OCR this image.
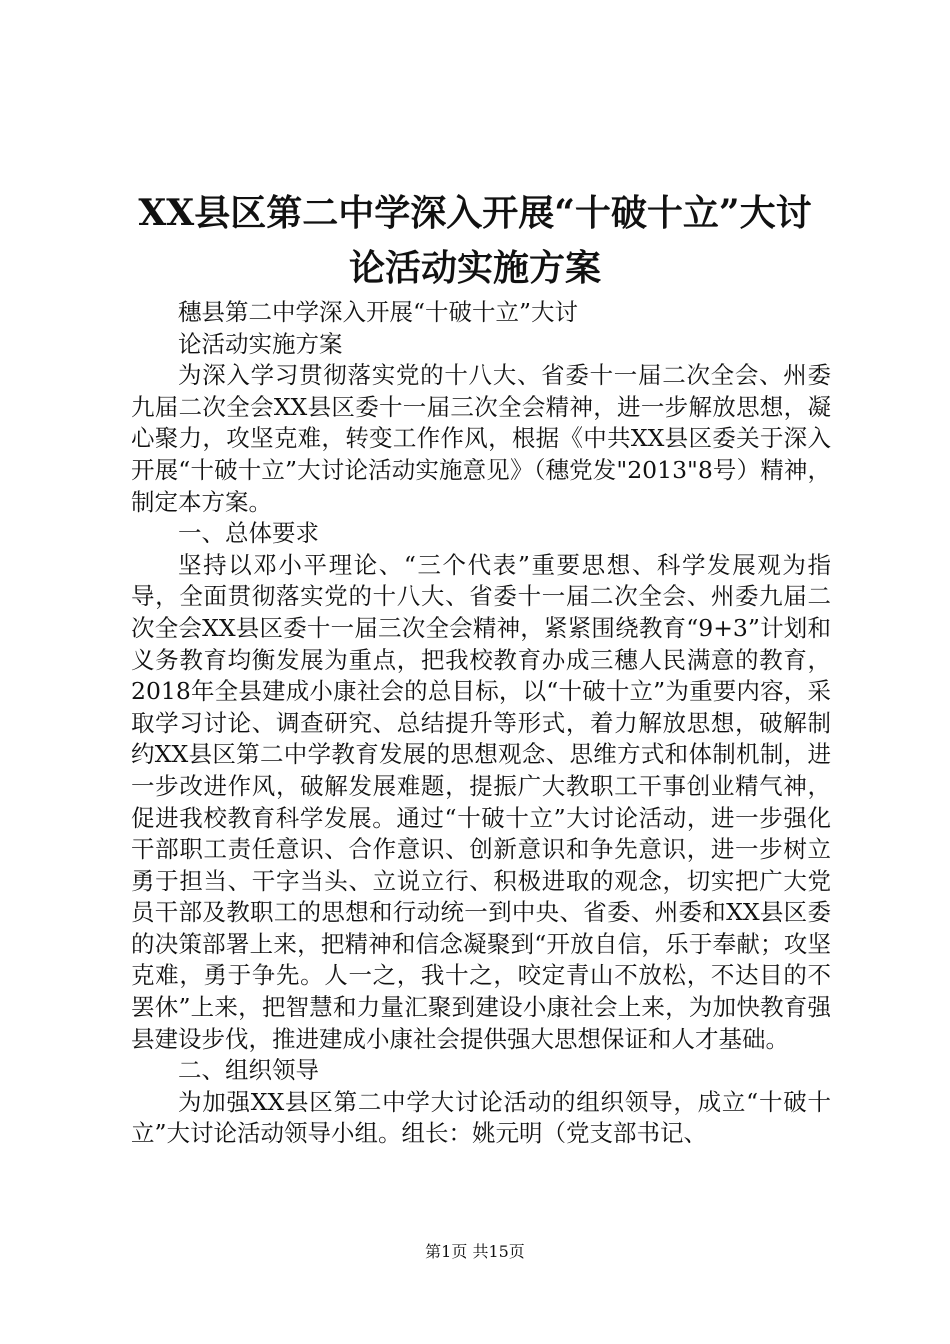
XX县区第二中学深入开展“十破十立”大讨
论活动实施方案

穗县第二中学深入开展“十破十立”大讨

论活动实施方案

为深入学习贯彻落实党的十八大、省委十一届二次全会、州委九届二次全会XX县区委十一届三次全会精神，进一步解放思想，凝心聚力，攻坚克难，转变工作作风，根据《中共XX县区委关于深入开展“十破十立”大讨论活动实施意见》（穗党发"2013"8号）精神，制定本方案。

一、总体要求

坚持以邓小平理论、“三个代表”重要思想、科学发展观为指导，全面贯彻落实党的十八大、省委十一届二次全会、州委九届二次全会XX县区委十一届三次全会精神，紧紧围绕教育“9+3”计划和义务教育均衡发展为重点，把我校教育办成三穗人民满意的教育，2018年全县建成小康社会的总目标，以“十破十立”为重要内容，采取学习讨论、调查研究、总结提升等形式，着力解放思想，破解制约XX县区第二中学教育发展的思想观念、思维方式和体制机制，进一步改进作风，破解发展难题，提振广大教职工干事创业精气神，促进我校教育科学发展。通过“十破十立”大讨论活动，进一步强化干部职工责任意识、合作意识、创新意识和争先意识，进一步树立勇于担当、干字当头、立说立行、积极进取的观念，切实把广大党员干部及教职工的思想和行动统一到中央、省委、州委和XX县区委的决策部署上来，把精神和信念凝聚到“开放自信，乐于奉献；攻坚克难，勇于争先。人一之，我十之，咬定青山不放松，不达目的不罢休”上来，把智慧和力量汇聚到建设小康社会上来，为加快教育强县建设步伐，推进建成小康社会提供强大思想保证和人才基础。

二、组织领导

为加强XX县区第二中学大讨论活动的组织领导，成立“十破十立”大讨论活动领导小组。组长：姚元明（党支部书记、

第1页 共15页
